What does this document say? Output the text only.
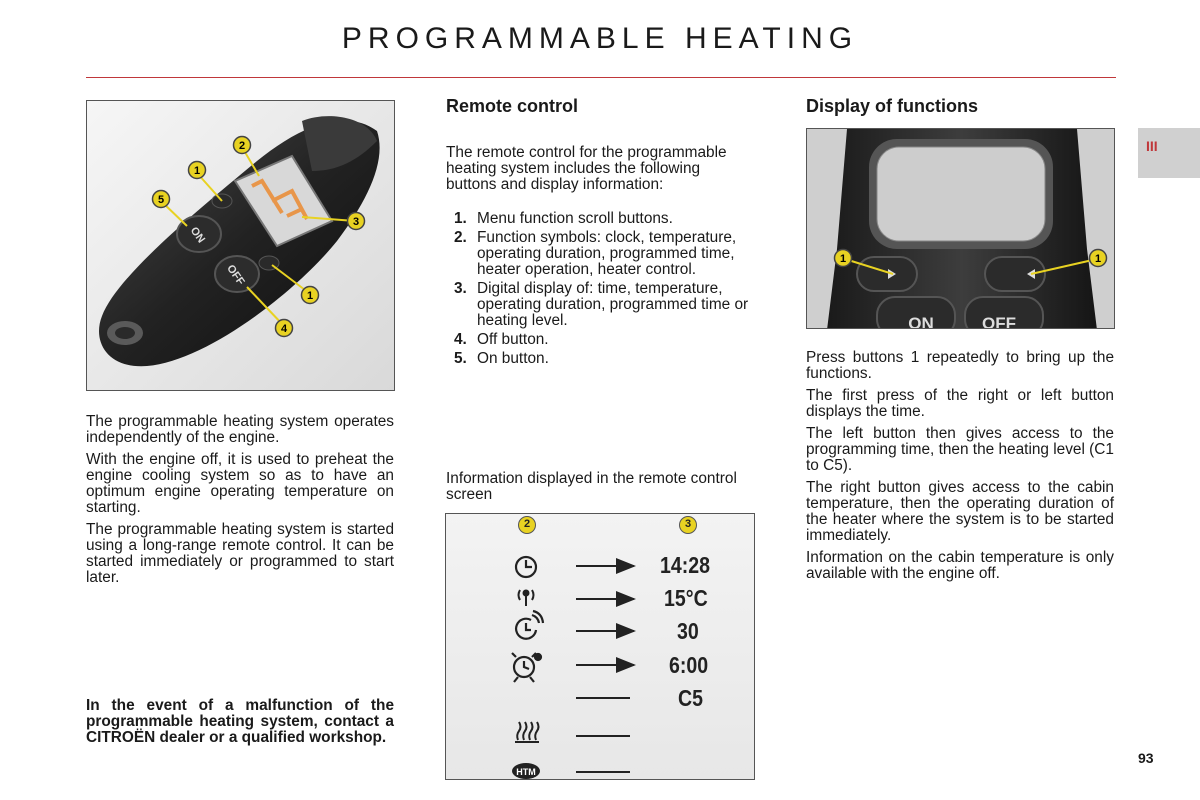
PROGRAMMABLE HEATING
III
ON
OFF
1
2
3
5
1
4

The programmable heating system operates independently of the engine.

With the engine off, it is used to preheat the engine cooling system so as to have an optimum engine operating temperature on starting.

The programmable heating system is started using a long-range remote control. It can be started immediately or programmed to start later.

In the event of a malfunction of the programmable heating system, contact a CITROËN dealer or a qualified workshop.
Remote control
The remote control for the programmable heating system includes the following buttons and display information:
1. Menu function scroll buttons.
2. Function symbols: clock, temperature, operating duration, programmed time, heater operation, heater control.
3. Digital display of: time, temperature, operating duration, programmed time or heating level.
4. Off button.
5. On button.
Information displayed in the remote control screen
2	3
HTM
14:28
15°C
30
6:00
C5
Display of functions
ON	OFF
1	1

Press buttons 1 repeatedly to bring up the functions.

The first press of the right or left button displays the time.

The left button then gives access to the programming time, then the heating level (C1 to C5).

The right button gives access to the cabin temperature, then the operating duration of the heater where the system is to be started immediately.

Information on the cabin temperature is only available with the engine off.

93
